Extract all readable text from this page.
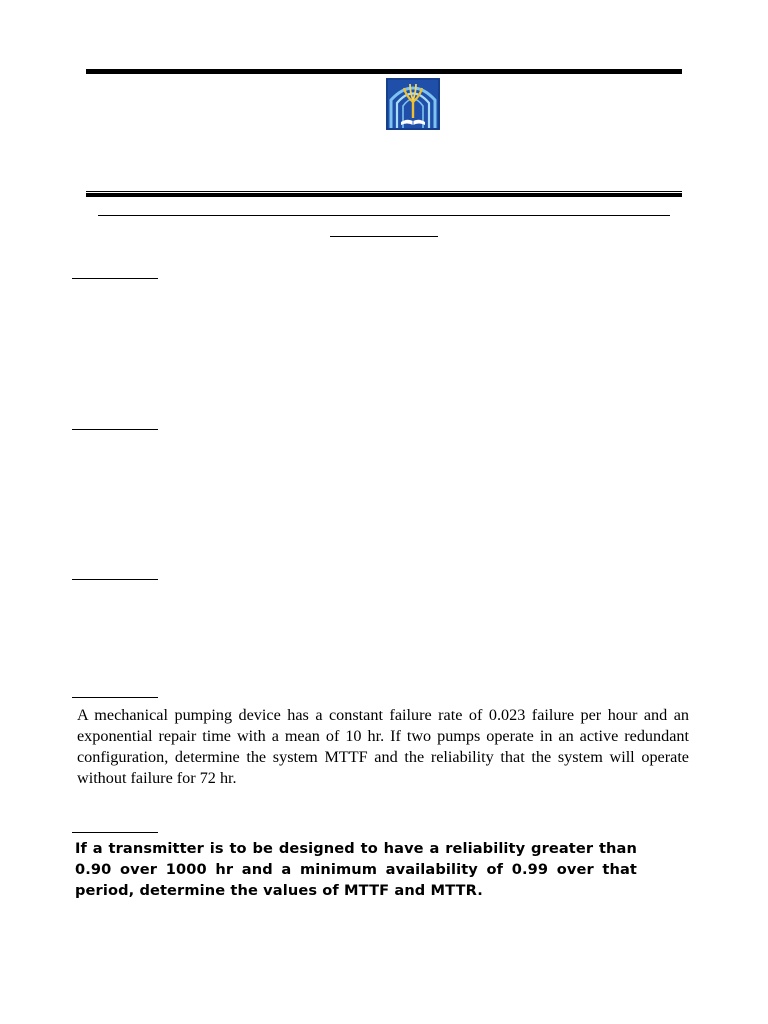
A mechanical pumping device has a constant failure rate of 0.023 failure per hour and an exponential repair time with a mean of 10 hr. If two pumps operate in an active redundant configuration, determine the system MTTF and the reliability that the system will operate without failure for 72 hr.

If a transmitter is to be designed to have a reliability greater than 0.90 over 1000 hr and a minimum availability of 0.99 over that period, determine the values of MTTF and MTTR.
